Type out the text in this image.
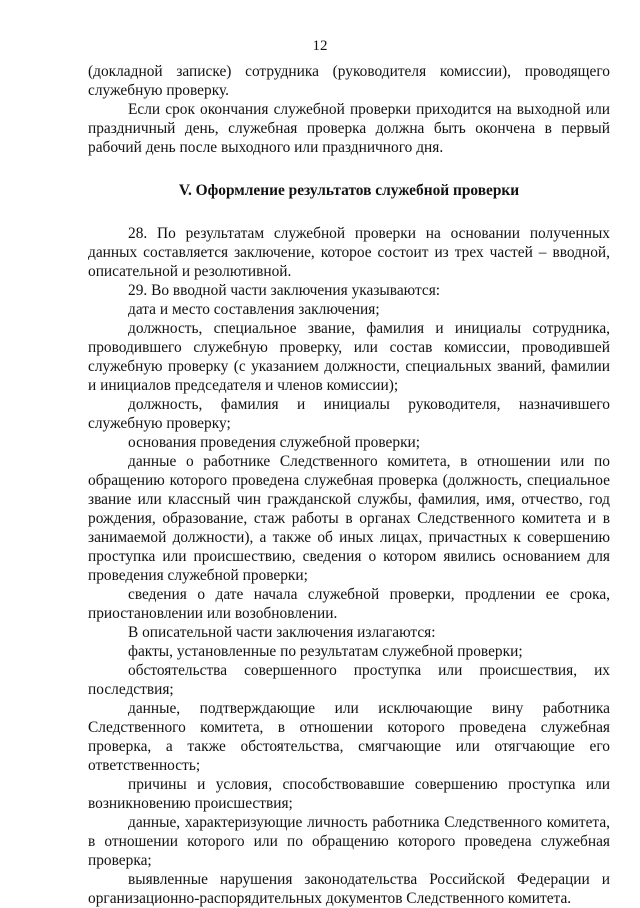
12

(докладной записке) сотрудника (руководителя комиссии), проводящего служебную проверку.

Если срок окончания служебной проверки приходится на выходной или праздничный день, служебная проверка должна быть окончена в первый рабочий день после выходного или праздничного дня.

V. Оформление результатов служебной проверки

28. По результатам служебной проверки на основании полученных данных составляется заключение, которое состоит из трех частей – вводной, описательной и резолютивной.

29. Во вводной части заключения указываются:

дата и место составления заключения;

должность, специальное звание, фамилия и инициалы сотрудника, проводившего служебную проверку, или состав комиссии, проводившей служебную проверку (с указанием должности, специальных званий, фамилии и инициалов председателя и членов комиссии);

должность, фамилия и инициалы руководителя, назначившего служебную проверку;

основания проведения служебной проверки;

данные о работнике Следственного комитета, в отношении или по обращению которого проведена служебная проверка (должность, специальное звание или классный чин гражданской службы, фамилия, имя, отчество, год рождения, образование, стаж работы в органах Следственного комитета и в занимаемой должности), а также об иных лицах, причастных к совершению проступка или происшествию, сведения о котором явились основанием для проведения служебной проверки;

сведения о дате начала служебной проверки, продлении ее срока, приостановлении или возобновлении.

В описательной части заключения излагаются:

факты, установленные по результатам служебной проверки;

обстоятельства совершенного проступка или происшествия, их последствия;

данные, подтверждающие или исключающие вину работника Следственного комитета, в отношении которого проведена служебная проверка, а также обстоятельства, смягчающие или отягчающие его ответственность;

причины и условия, способствовавшие совершению проступка или возникновению происшествия;

данные, характеризующие личность работника Следственного комитета, в отношении которого или по обращению которого проведена служебная проверка;

выявленные нарушения законодательства Российской Федерации и организационно-распорядительных документов Следственного комитета.
